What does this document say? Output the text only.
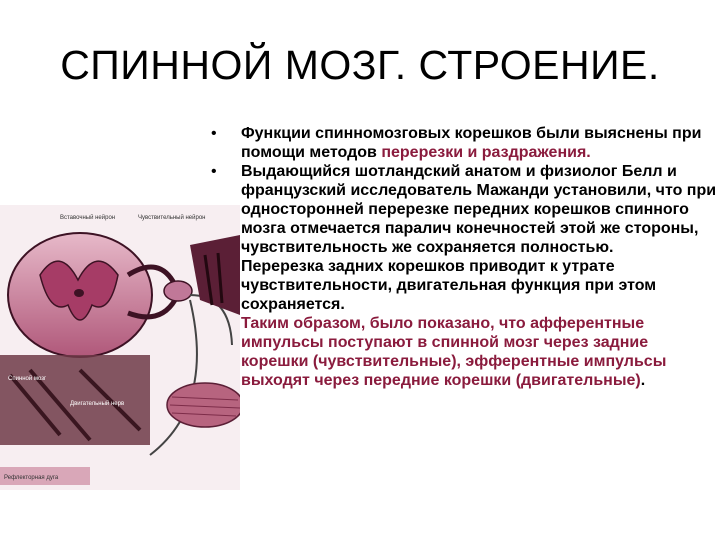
СПИННОЙ МОЗГ. СТРОЕНИЕ.
Вставочный нейрон	Чувствительный нейрон
Спинной мозг
Двигательный нерв
Рефлекторная дуга

• Функции спинномозговых корешков были выяснены при помощи методов перерезки и раздражения.

• Выдающийся шотландский анатом и физиолог Белл и французский исследователь Мажанди установили, что при односторонней перерезке передних корешков спинного мозга отмечается паралич конечностей этой же стороны, чувствительность же сохраняется полностью.

Перерезка задних корешков приводит к утрате чувствительности, двигательная функция при этом сохраняется.

Таким образом, было показано, что афферентные импульсы поступают в спинной мозг через задние корешки (чувствительные), эфферентные импульсы выходят через передние корешки (двигательные).
